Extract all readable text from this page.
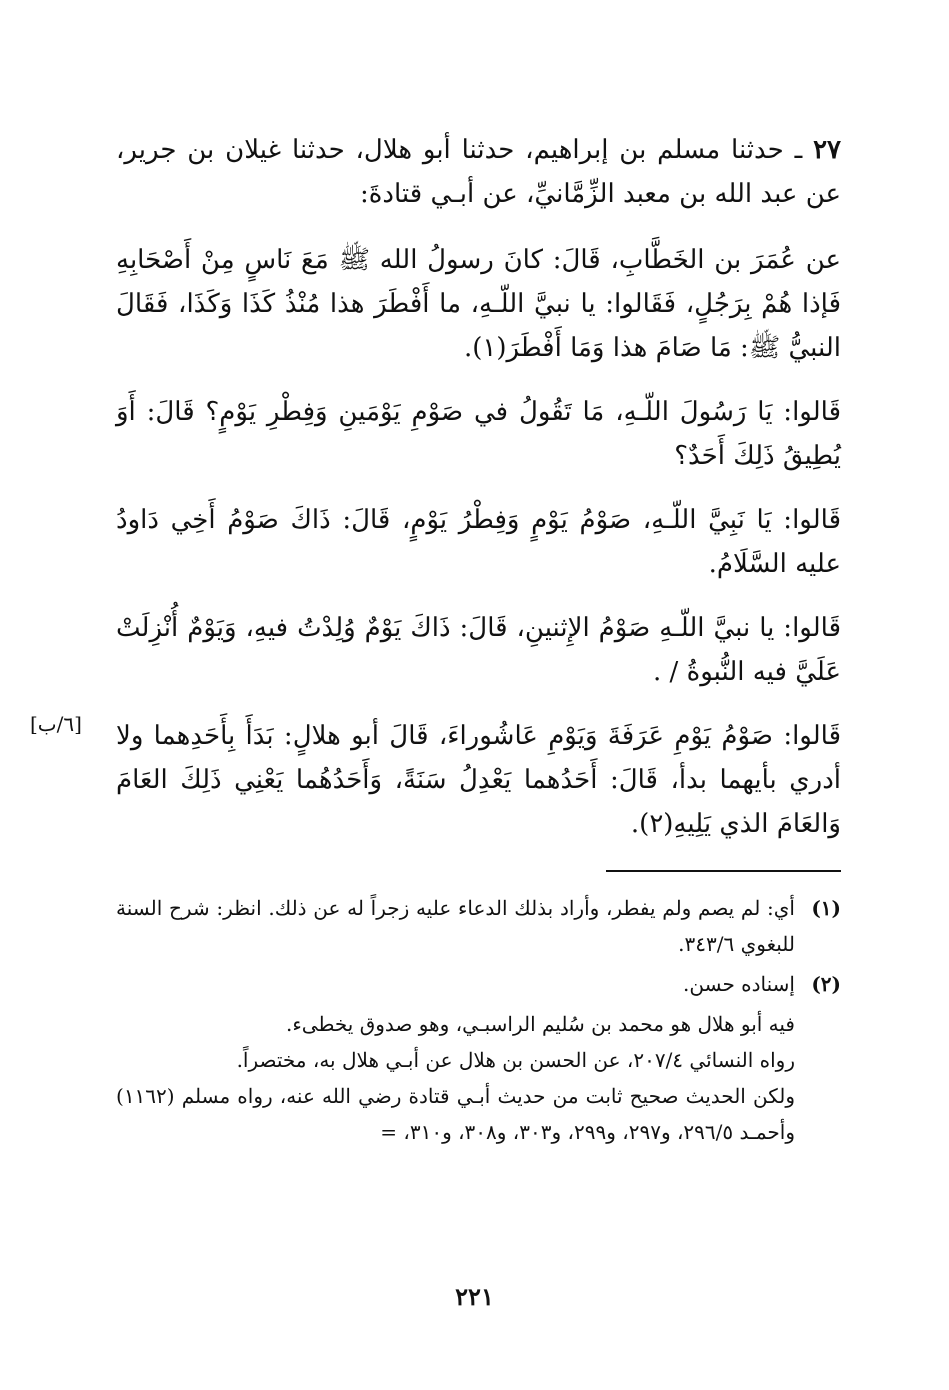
٢٧ ـ حدثنا مسلم بن إبراهيم، حدثنا أبو هلال، حدثنا غيلان بن جرير، عن عبد الله بن معبد الزِّمَّانيِّ، عن أبـي قتادةَ:

عن عُمَرَ بن الخَطَّابِ، قَالَ: كانَ رسولُ الله ﷺ مَعَ نَاسٍ مِنْ أَصْحَابِهِ فَإذا هُمْ بِرَجُلٍ، فَقَالوا: يا نبيَّ اللّـهِ، ما أَفْطَرَ هذا مُنْذُ كَذَا وَكَذَا، فَقَالَ النبيُّ ﷺ: مَا صَامَ هذا وَمَا أَفْطَرَ(١).

قَالوا: يَا رَسُولَ اللّـهِ، مَا تَقُولُ في صَوْمِ يَوْمَينِ وَفِطْرِ يَوْمٍ؟ قَالَ: أَوَ يُطِيقُ ذَلِكَ أَحَدٌ؟

قَالوا: يَا نَبِيَّ اللّـهِ، صَوْمُ يَوْمٍ وَفِطْرُ يَوْمٍ، قَالَ: ذَاكَ صَوْمُ أَخِي دَاودُ عليه السَّلَامُ.

قَالوا: يا نبيَّ اللّـهِ صَوْمُ الإِثنينِ، قَالَ: ذَاكَ يَوْمٌ وُلِدْتُ فيهِ، وَيَوْمٌ أُنْزِلَتْ عَلَيَّ فيه النُّبوةُ / .

قَالوا: صَوْمُ يَوْمِ عَرَفَةَ وَيَوْمِ عَاشُوراءَ، قَالَ أبو هلالٍ: بَدَأَ بِأَحَدِهما ولا أدري بأيهما بدأ، قَالَ: أَحَدُهما يَعْدِلُ سَنَةً، وَأَحَدُهُما يَعْنِي ذَلِكَ العَامَ وَالعَامَ الذي يَلِيهِ(٢).

(١)
أي: لم يصم ولم يفطر، وأراد بذلك الدعاء عليه زجراً له عن ذلك. انظر: شرح السنة للبغوي ٣٤٣/٦.
(٢)
إسناده حسن.
فيه أبو هلال هو محمد بن سُليم الراسبـي، وهو صدوق يخطىء.
رواه النسائي ٢٠٧/٤، عن الحسن بن هلال عن أبـي هلال به، مختصراً.
ولكن الحديث صحيح ثابت من حديث أبـي قتادة رضي الله عنه، رواه مسلم (١١٦٢) وأحمـد ٢٩٦/٥، و٢٩٧، و٢٩٩، و٣٠٣، و٣٠٨، و٣١٠، =
[٦/ب]
٢٢١
